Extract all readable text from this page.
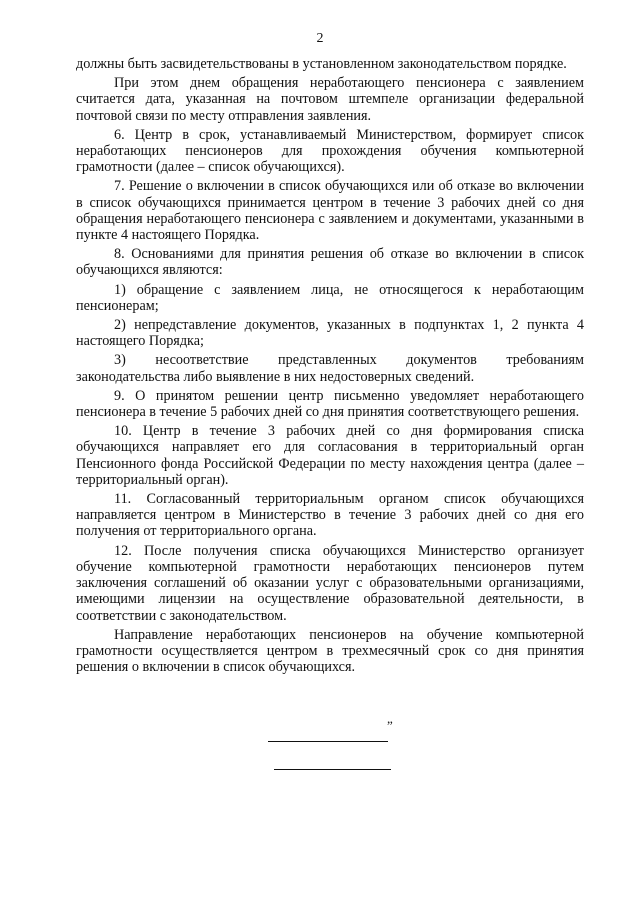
2

должны быть засвидетельствованы в установленном законодательством порядке.

При этом днем обращения неработающего пенсионера с заявлением считается дата, указанная на почтовом штемпеле организации федеральной почтовой связи по месту отправления заявления.

6. Центр в срок, устанавливаемый Министерством, формирует список неработающих пенсионеров для прохождения обучения компьютерной грамотности (далее – список обучающихся).

7. Решение о включении в список обучающихся или об отказе во включении в список обучающихся принимается центром в течение 3 рабочих дней со дня обращения неработающего пенсионера с заявлением и документами, указанными в пункте 4 настоящего Порядка.

8. Основаниями для принятия решения об отказе во включении в список обучающихся являются:

1) обращение с заявлением лица, не относящегося к неработающим пенсионерам;

2) непредставление документов, указанных в подпунктах 1, 2 пункта 4 настоящего Порядка;

3) несоответствие представленных документов требованиям законодательства либо выявление в них недостоверных сведений.

9. О принятом решении центр письменно уведомляет неработающего пенсионера в течение 5 рабочих дней со дня принятия соответствующего решения.

10. Центр в течение 3 рабочих дней со дня формирования списка обучающихся направляет его для согласования в территориальный орган Пенсионного фонда Российской Федерации по месту нахождения центра (далее – территориальный орган).

11. Согласованный территориальным органом список обучающихся направляется центром в Министерство в течение 3 рабочих дней со дня его получения от территориального органа.

12. После получения списка обучающихся Министерство организует обучение компьютерной грамотности неработающих пенсионеров путем заключения соглашений об оказании услуг с образовательными организациями, имеющими лицензии на осуществление образовательной деятельности, в соответствии с законодательством.

Направление неработающих пенсионеров на обучение компьютерной грамотности осуществляется центром в трехмесячный срок со дня принятия решения о включении в список обучающихся.

”
